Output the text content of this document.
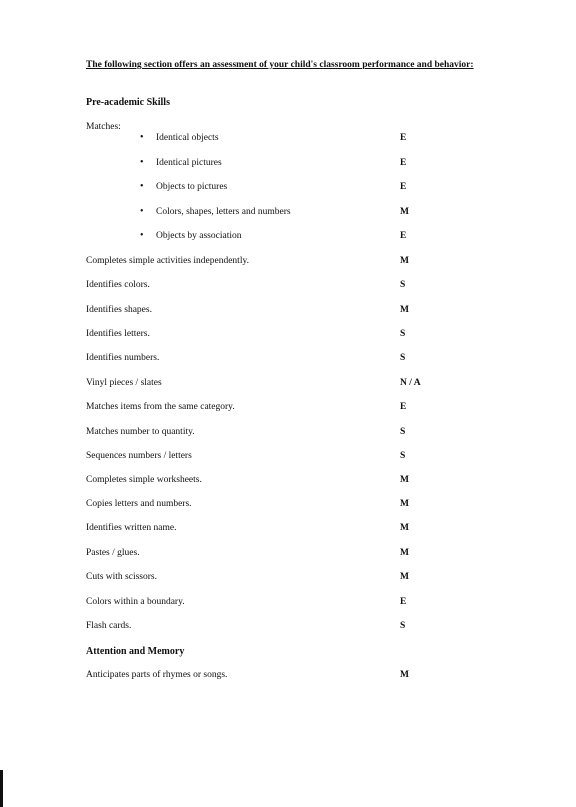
The following section offers an assessment of your child's classroom performance and behavior:
Pre-academic Skills
Matches:
• Identical objects	E
• Identical pictures	E
• Objects to pictures	E
• Colors, shapes, letters and numbers	M
• Objects by association	E
Completes simple activities independently.	M
Identifies colors.	S
Identifies shapes.	M
Identifies letters.	S
Identifies numbers.	S
Vinyl pieces / slates	N / A
Matches items from the same category.	E
Matches number to quantity.	S
Sequences numbers / letters	S
Completes simple worksheets.	M
Copies letters and numbers.	M
Identifies written name.	M
Pastes / glues.	M
Cuts with scissors.	M
Colors within a boundary.	E
Flash cards.	S
Attention and Memory
Anticipates parts of rhymes or songs.	M
